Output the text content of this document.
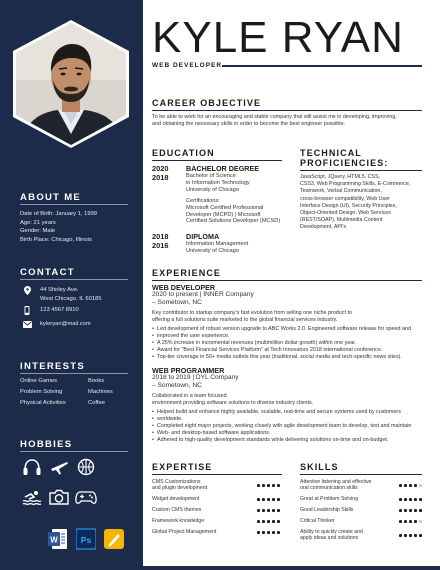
ABOUT ME
Date of Birth: January 1, 1999
Age: 21 years
Gender: Male
Birth Place: Chicago, Illinois
CONTACT
44 Shirley Ave.
West Chicago, IL 60185
123 4567 8910
kyleryan@mail.com
INTERESTS
Online Games	Books
Problem Solving	Machines
Physical Activities	Coffee
HOBBIES
W	Ps
KYLE RYAN
WEB DEVELOPER
CAREER OBJECTIVE
To be able to work for an encouraging and stable company that will assist me in developing, improving,
and obtaining the necessary skills in order to become the best engineer possible.
EDUCATION
2020
2018
BACHELOR DEGREE
Bachelor of Science
in Information Technology
University of Chicago
Certifications:
Microsoft Certified Professional
Developer (MCPD) | Microsoft
Certified Solutions Developer (MCSD)
2018
2016
DIPLOMA
Information Management
University of Chicago
TECHNICAL
PROFICIENCIES:
JavaScript, JQuery, HTML5, CSS,
CSS3, Web Programming Skills, E-Commerce,
Teamwork, Verbal Communication,
cross-browser compatibility, Web User
Interface Design (UI), Security Principles,
Object-Oriented Design, Web Services
(REST/SOAP), Multimedia Content
Development, API's
EXPERIENCE
WEB DEVELOPER
2020 to present | INNER Company
– Sometown, NC
Key contributor to startup company's fast evolution from selling one niche product to
offering a full solutions suite marketed to the global financial services industry.
• Led development of robust version upgrade to ABC Works 2.0. Engineered software release for speed and
• improved the user experience.
• A 25% increase in incremental revenues (multimillion dollar growth) within one year.
• Award for "Best Financial Services Platform" at Tech Innovators 2018 international conference.
• Top-tier coverage in 50+ media outlets this year (traditional, social media and tech-specific news sites).
WEB PROGRAMMER
2018 to 2019 | DYL Company
– Sometown, NC
Collaborated in a team focused
environment providing software solutions to diverse industry clients.
• Helped build and enhance highly available, scalable, real-time and secure systems used by customers
• worldwide.
• Completed eight major projects, working closely with agile development team to develop, test and maintain
• Web- and desktop-based software applications.
• Adhered to high-quality development standards while delivering solutions on-time and on-budget.
EXPERTISE
CMS Customizations
and plugin development
Widget development
Custom CMS themes
Framework knowledge
Global Project Management
SKILLS
Attentive listening and effective
oral communication skills
Great at Problem Solving
Good Leadership Skills
Critical Thinker
Ability to quickly create and
apply ideas and solutions
